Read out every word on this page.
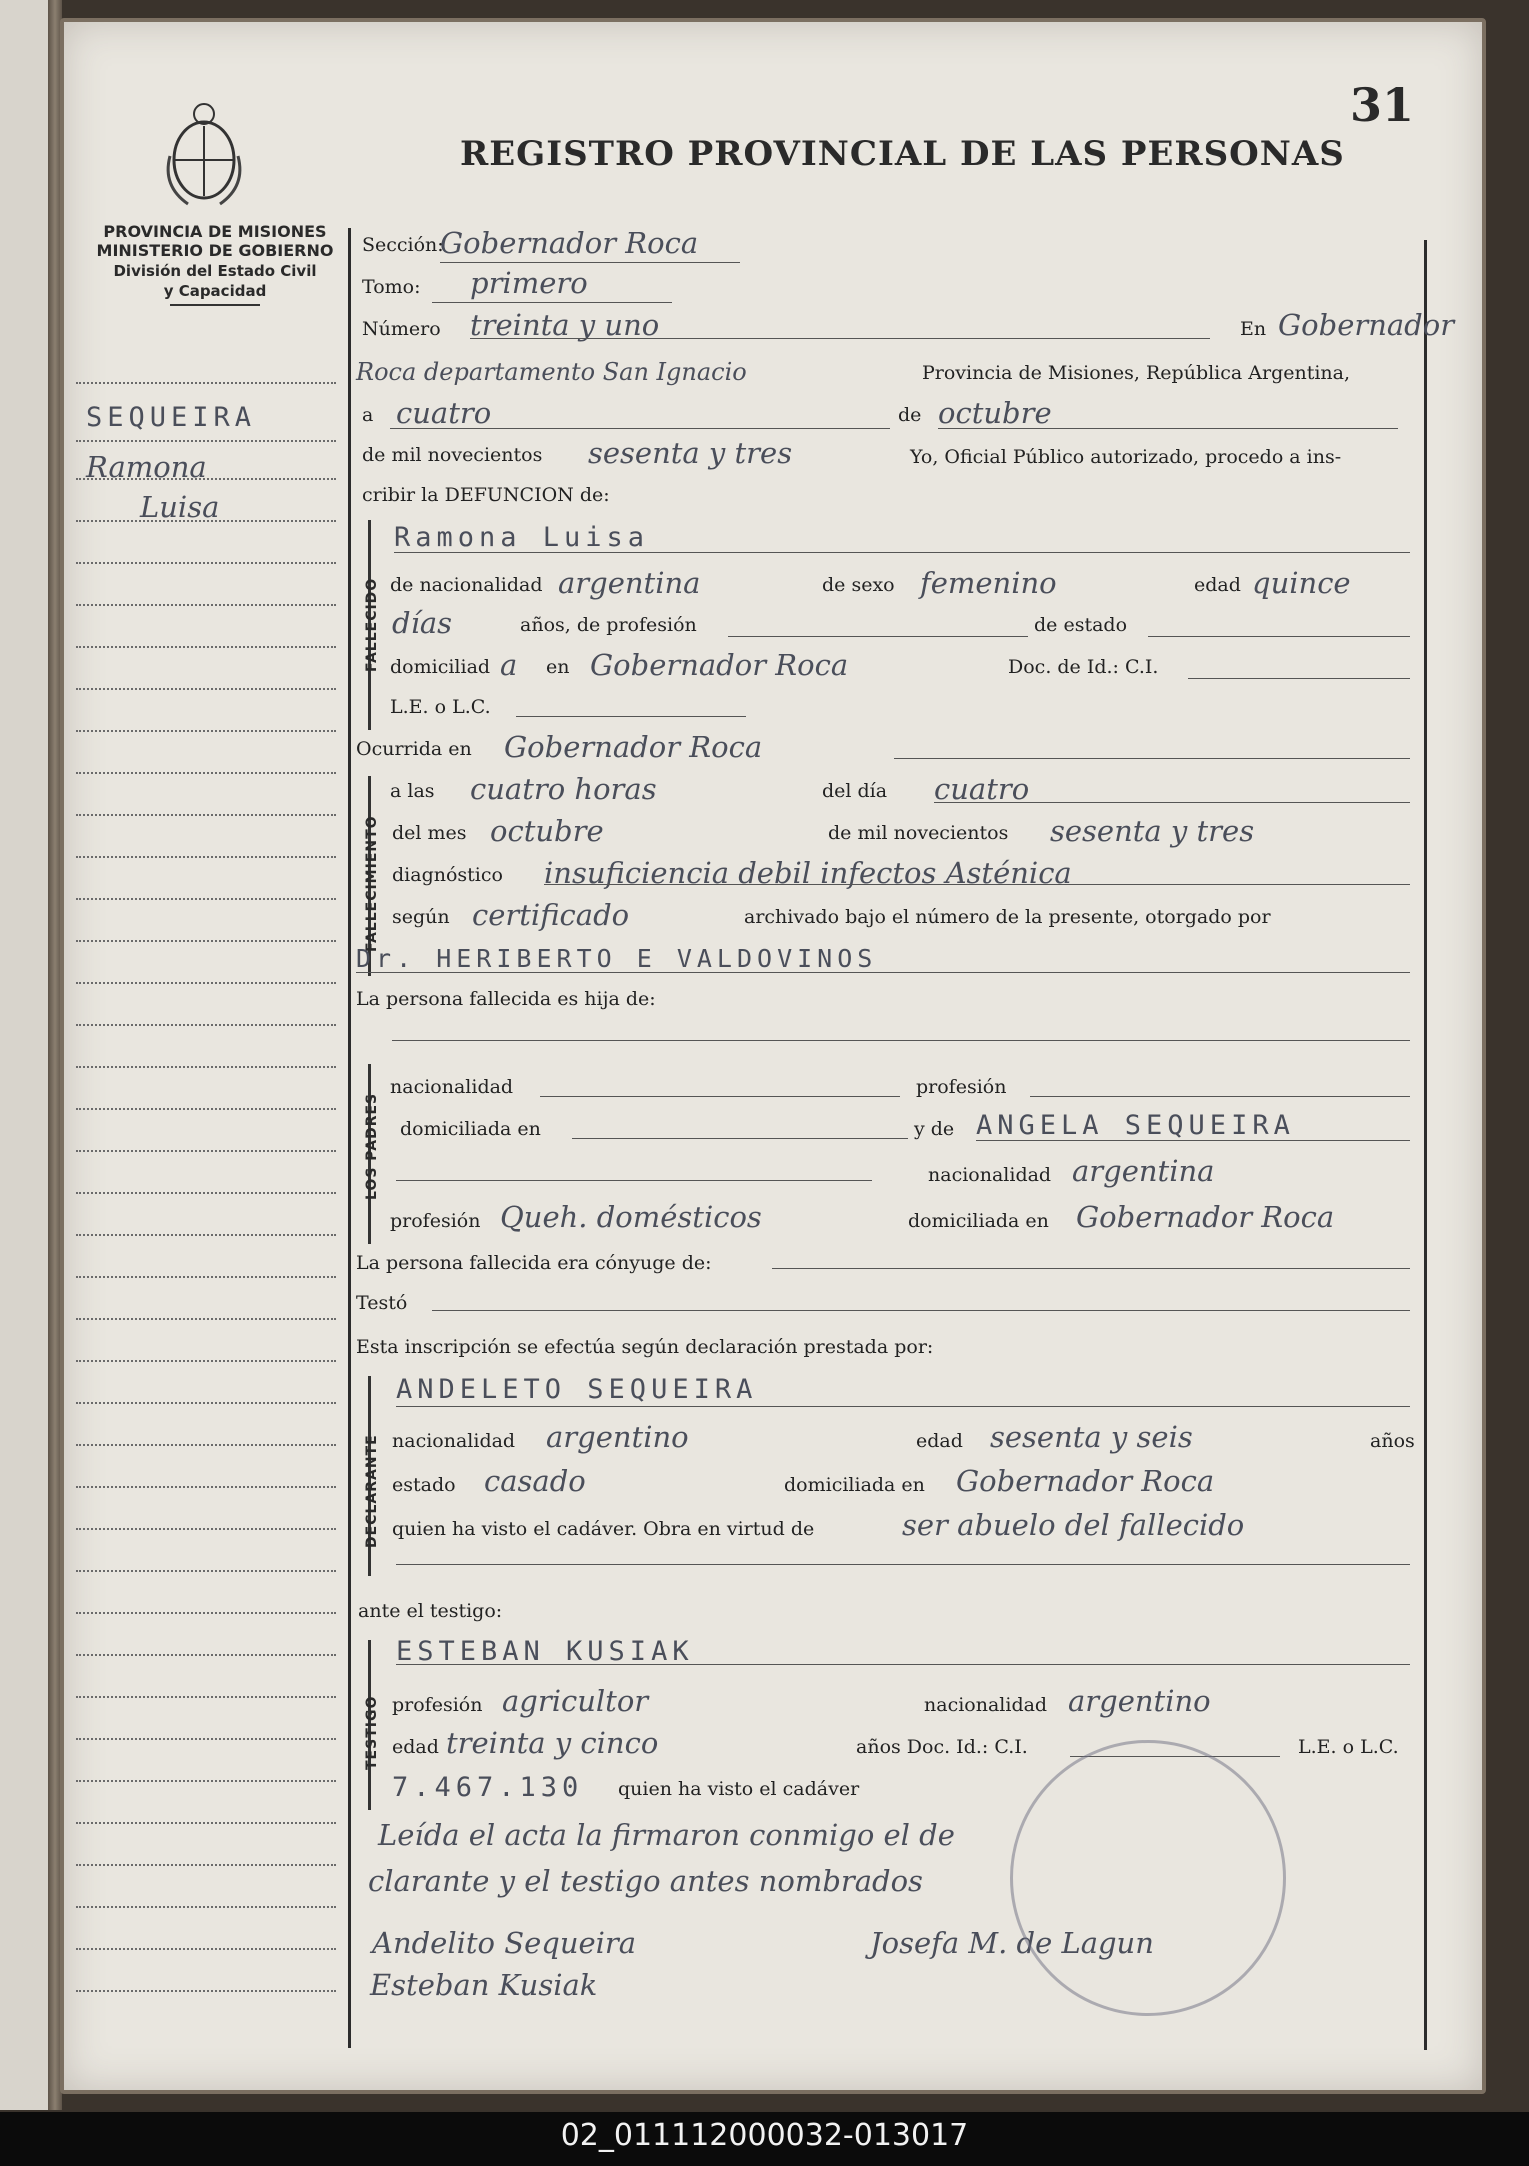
31
REGISTRO PROVINCIAL DE LAS PERSONAS
PROVINCIA DE MISIONES
MINISTERIO DE GOBIERNO
División del Estado Civil
y Capacidad
SEQUEIRA
Ramona
Luisa
Sección:
Gobernador Roca
Tomo: primero
Número treinta y uno	En Gobernador
Roca departamento San Ignacio	Provincia de Misiones, República Argentina,
a cuatro	de octubre
de mil novecientos sesenta y tres	Yo, Oficial Público autorizado, procedo a ins-
cribir la DEFUNCION de:
FALLECIDO
Ramona Luisa
de nacionalidad argentina	de sexo femenino	edad quince
días	años, de profesión	de estado
domiciliad a en Gobernador Roca	Doc. de Id.: C.I.
L.E. o L.C.
Ocurrida en Gobernador Roca
FALLECIMIENTO
a las cuatro horas	del día cuatro
del mes octubre	de mil novecientos sesenta y tres
diagnóstico insuficiencia debil infectos Asténica
según certificado	archivado bajo el número de la presente, otorgado por
Dr. HERIBERTO E VALDOVINOS
La persona fallecida es hija de:
LOS PADRES
nacionalidad	profesión
domiciliada en	y de ANGELA SEQUEIRA
nacionalidad argentina
profesión Queh. domésticos	domiciliada en Gobernador Roca
La persona fallecida era cónyuge de:
Testó
Esta inscripción se efectúa según declaración prestada por:
DECLARANTE
ANDELETO SEQUEIRA
nacionalidad argentino	edad sesenta y seis	años
estado casado	domiciliada en Gobernador Roca
quien ha visto el cadáver. Obra en virtud de	ser abuelo del fallecido
ante el testigo:
TESTIGO
ESTEBAN KUSIAK
profesión agricultor	nacionalidad argentino
edad treinta y cinco	años Doc. Id.: C.I.	L.E. o L.C.
7.467.130 quien ha visto el cadáver
Leída el acta la firmaron conmigo el de
clarante y el testigo antes nombrados
Andelito Sequeira
Esteban Kusiak
Josefa M. de Lagun
02_011112000032-013017
